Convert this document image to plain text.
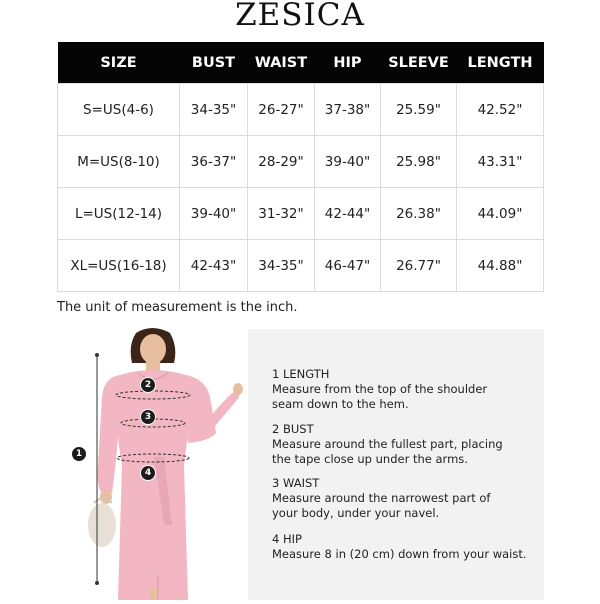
ZESICA
SIZE	BUST	WAIST	HIP	SLEEVE	LENGTH
S=US(4-6)	34-35"	26-27"	37-38"	25.59"	42.52"
M=US(8-10)	36-37"	28-29"	39-40"	25.98"	43.31"
L=US(12-14)	39-40"	31-32"	42-44"	26.38"	44.09"
XL=US(16-18)	42-43"	34-35"	46-47"	26.77"	44.88"
The unit of measurement is the inch.
1
2
3
4
1 LENGTH
Measure from the top of the shoulder
seam down to the hem.
2 BUST
Measure around the fullest part, placing
the tape close up under the arms.
3 WAIST
Measure around the narrowest part of
your body, under your navel.
4 HIP
Measure 8 in (20 cm) down from your waist.
